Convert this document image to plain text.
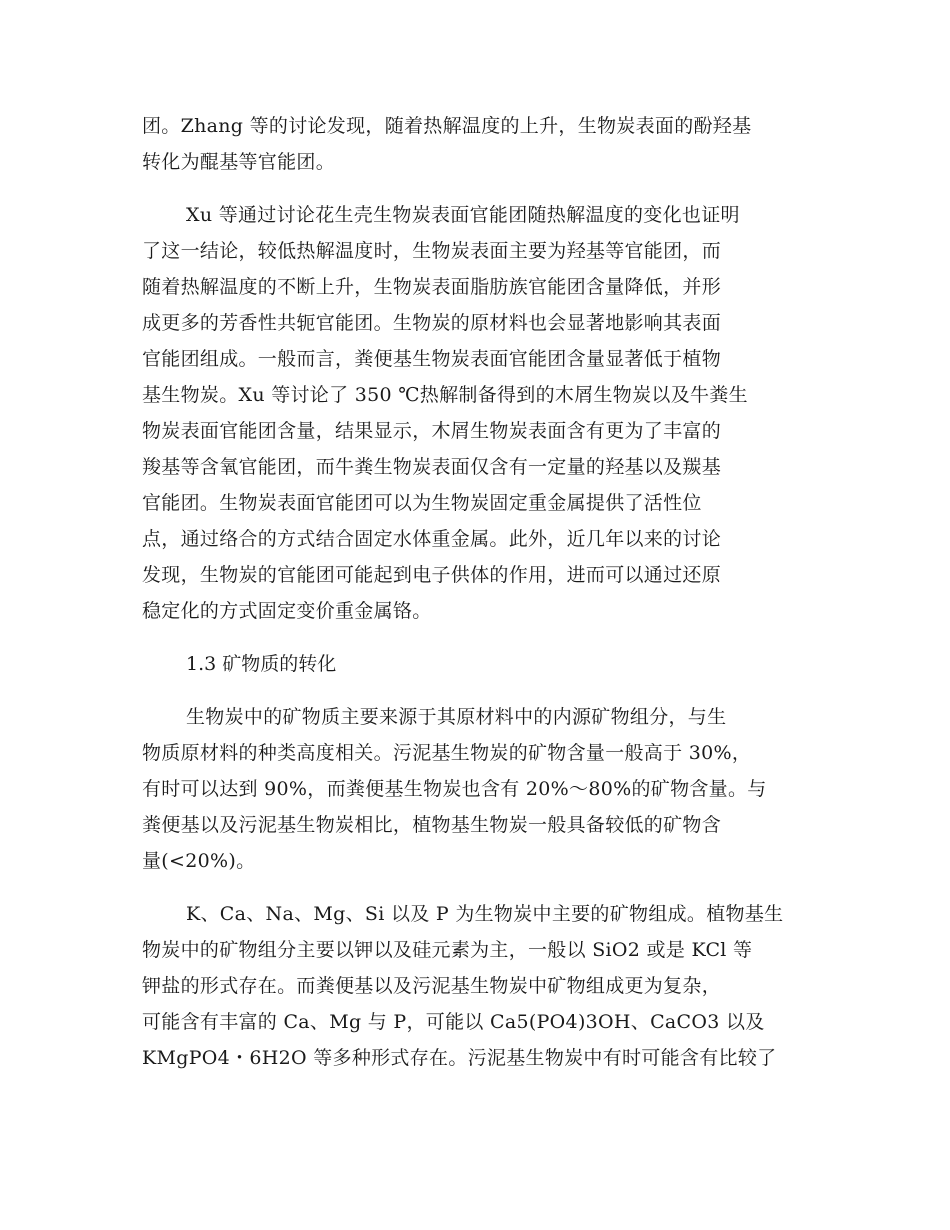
团。Zhang 等的讨论发现，随着热解温度的上升，生物炭表面的酚羟基
转化为醌基等官能团。
Xu 等通过讨论花生壳生物炭表面官能团随热解温度的变化也证明
了这一结论，较低热解温度时，生物炭表面主要为羟基等官能团，而
随着热解温度的不断上升，生物炭表面脂肪族官能团含量降低，并形
成更多的芳香性共轭官能团。生物炭的原材料也会显著地影响其表面
官能团组成。一般而言，粪便基生物炭表面官能团含量显著低于植物
基生物炭。Xu 等讨论了 350 ℃热解制备得到的木屑生物炭以及牛粪生
物炭表面官能团含量，结果显示，木屑生物炭表面含有更为了丰富的
羧基等含氧官能团，而牛粪生物炭表面仅含有一定量的羟基以及羰基
官能团。生物炭表面官能团可以为生物炭固定重金属提供了活性位
点，通过络合的方式结合固定水体重金属。此外，近几年以来的讨论
发现，生物炭的官能团可能起到电子供体的作用，进而可以通过还原
稳定化的方式固定变价重金属铬。
1.3 矿物质的转化
生物炭中的矿物质主要来源于其原材料中的内源矿物组分，与生
物质原材料的种类高度相关。污泥基生物炭的矿物含量一般高于 30%，
有时可以达到 90%，而粪便基生物炭也含有 20%～80%的矿物含量。与
粪便基以及污泥基生物炭相比，植物基生物炭一般具备较低的矿物含
量(<20%)。
K、Ca、Na、Mg、Si 以及 P 为生物炭中主要的矿物组成。植物基生
物炭中的矿物组分主要以钾以及硅元素为主，一般以 SiO2 或是 KCl 等
钾盐的形式存在。而粪便基以及污泥基生物炭中矿物组成更为复杂，
可能含有丰富的 Ca、Mg 与 P，可能以 Ca5(PO4)3OH、CaCO3 以及
KMgPO4・6H2O 等多种形式存在。污泥基生物炭中有时可能含有比较了
